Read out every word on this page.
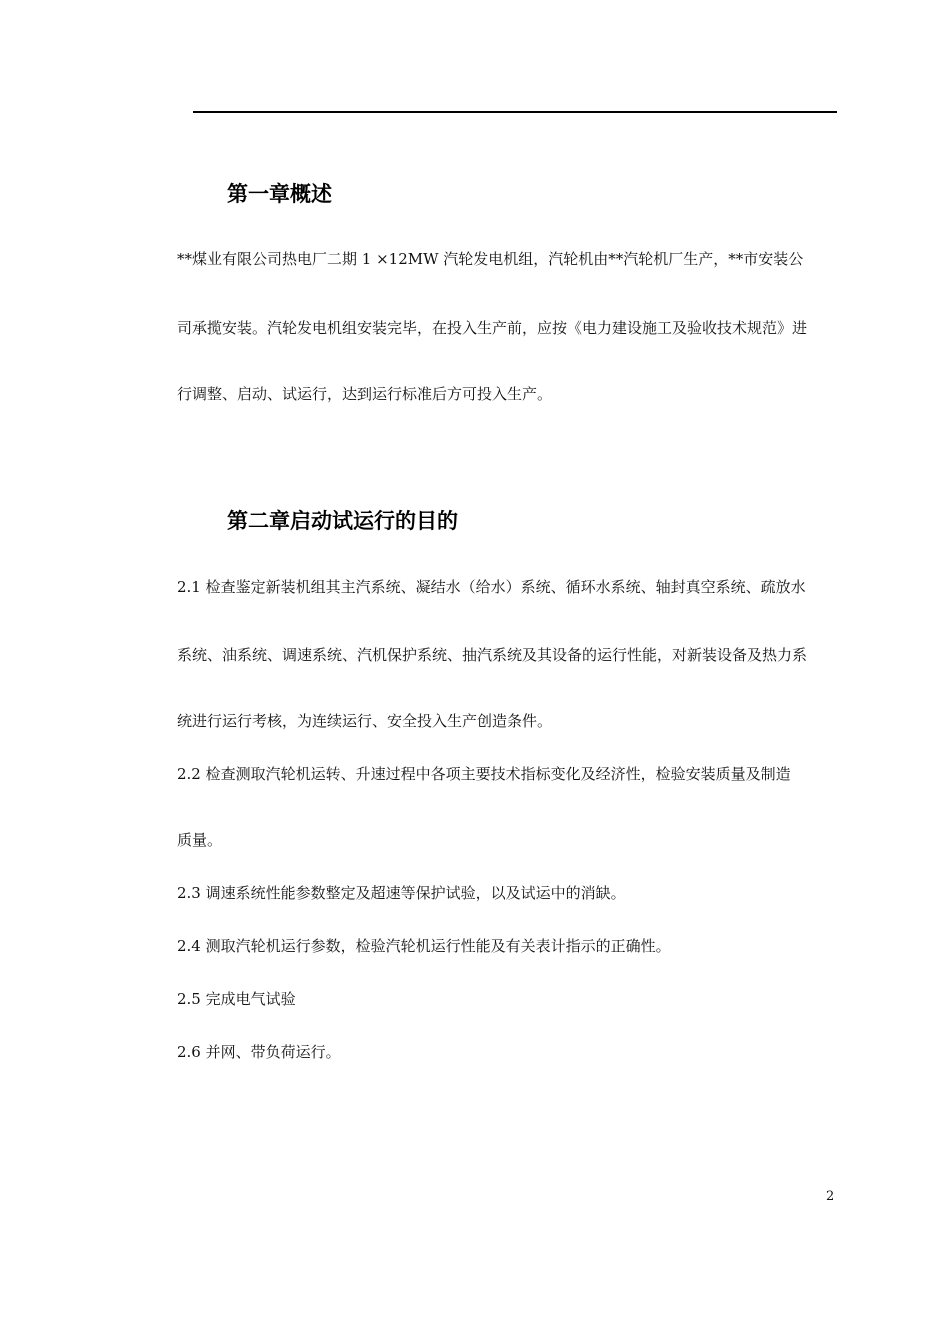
第一章概述
**煤业有限公司热电厂二期 1 ×12MW 汽轮发电机组，汽轮机由**汽轮机厂生产，**市安装公
司承揽安装。汽轮发电机组安装完毕，在投入生产前，应按《电力建设施工及验收技术规范》进
行调整、启动、试运行，达到运行标准后方可投入生产。
第二章启动试运行的目的
2.1 检查鉴定新装机组其主汽系统、凝结水（给水）系统、循环水系统、轴封真空系统、疏放水
系统、油系统、调速系统、汽机保护系统、抽汽系统及其设备的运行性能，对新装设备及热力系
统进行运行考核，为连续运行、安全投入生产创造条件。
2.2 检查测取汽轮机运转、升速过程中各项主要技术指标变化及经济性，检验安装质量及制造
质量。
2.3 调速系统性能参数整定及超速等保护试验，以及试运中的消缺。
2.4 测取汽轮机运行参数，检验汽轮机运行性能及有关表计指示的正确性。
2.5 完成电气试验
2.6 并网、带负荷运行。
2
